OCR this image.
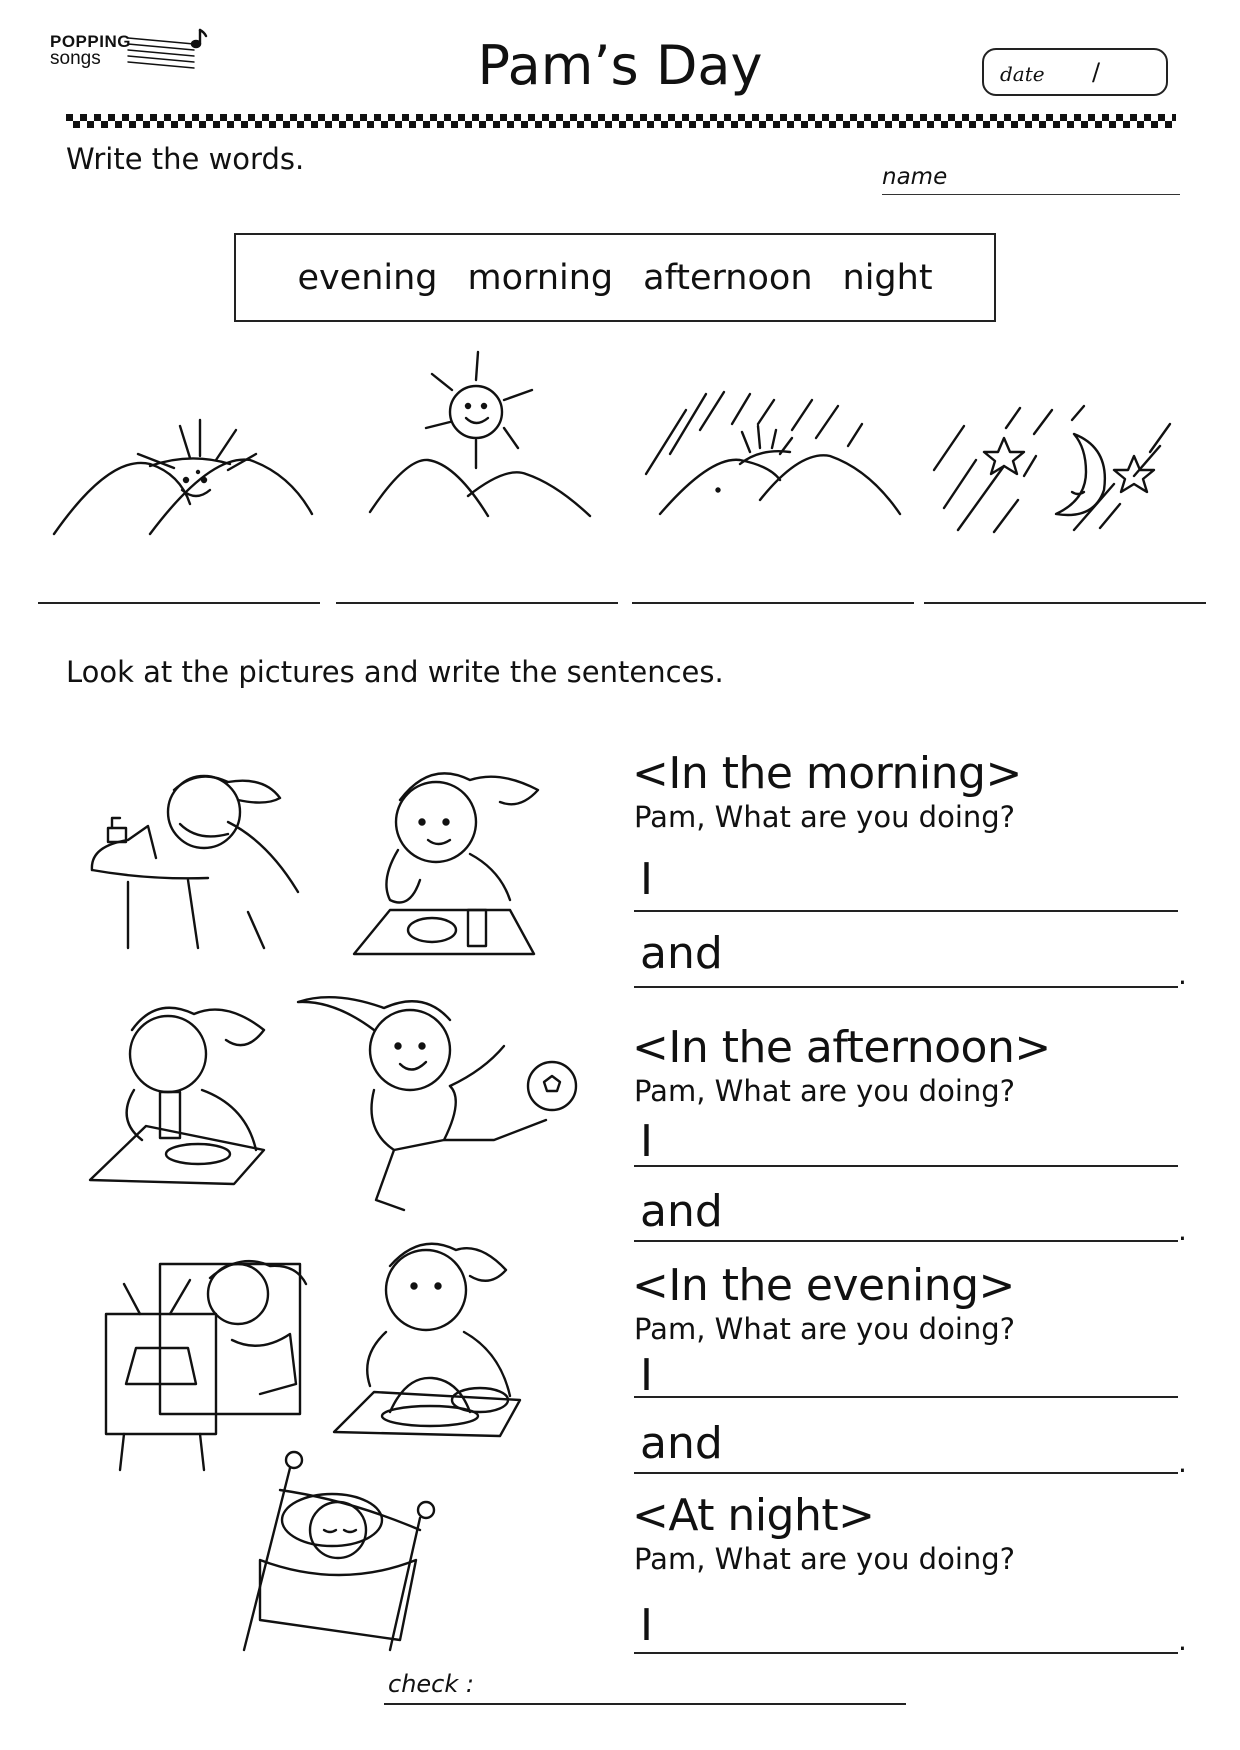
POPPING
songs	Pam’s Day	date /
Write the words.
name
evening morning afternoon night
Look at the pictures and write the sentences.
<In the morning>
Pam, What are you doing?
I
and	.
<In the afternoon>
Pam, What are you doing?
I
and	.
<In the evening>
Pam, What are you doing?
I
and	.
<At night>
Pam, What are you doing?
I	.
check :
